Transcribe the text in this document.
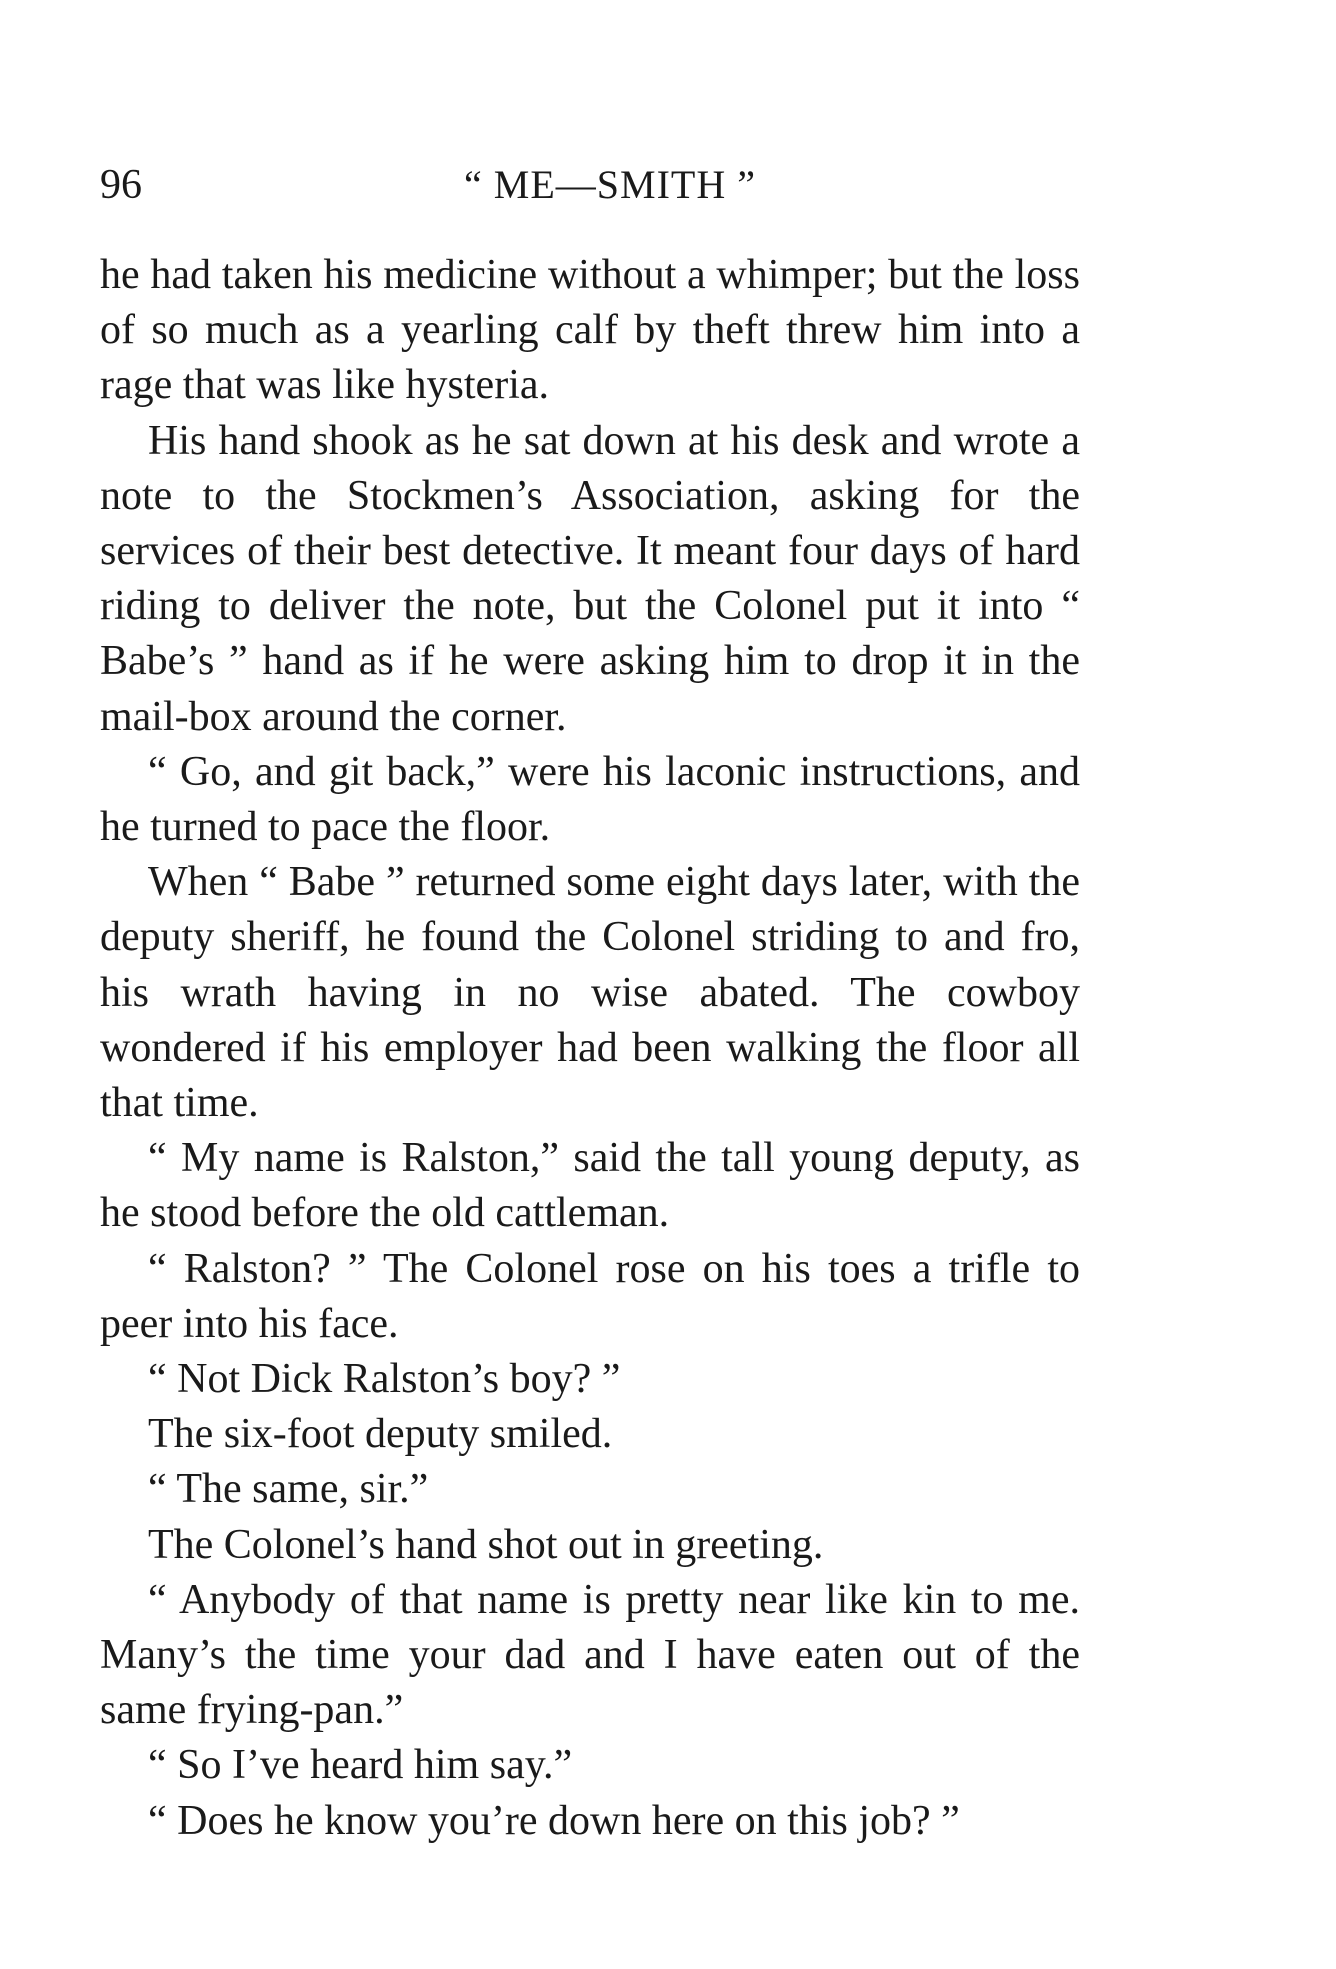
96	“ ME—SMITH ”

he had taken his medicine without a whimper; but the loss of so much as a yearling calf by theft threw him into a rage that was like hysteria.

His hand shook as he sat down at his desk and wrote a note to the Stockmen’s Association, asking for the services of their best detective. It meant four days of hard riding to deliver the note, but the Colonel put it into “ Babe’s ” hand as if he were asking him to drop it in the mail-box around the corner.

“ Go, and git back,” were his laconic instructions, and he turned to pace the floor.

When “ Babe ” returned some eight days later, with the deputy sheriff, he found the Colonel striding to and fro, his wrath having in no wise abated. The cowboy wondered if his employer had been walking the floor all that time.

“ My name is Ralston,” said the tall young deputy, as he stood before the old cattleman.

“ Ralston? ” The Colonel rose on his toes a trifle to peer into his face.

“ Not Dick Ralston’s boy? ”

The six-foot deputy smiled.

“ The same, sir.”

The Colonel’s hand shot out in greeting.

“ Anybody of that name is pretty near like kin to me. Many’s the time your dad and I have eaten out of the same frying-pan.”

“ So I’ve heard him say.”

“ Does he know you’re down here on this job? ”
